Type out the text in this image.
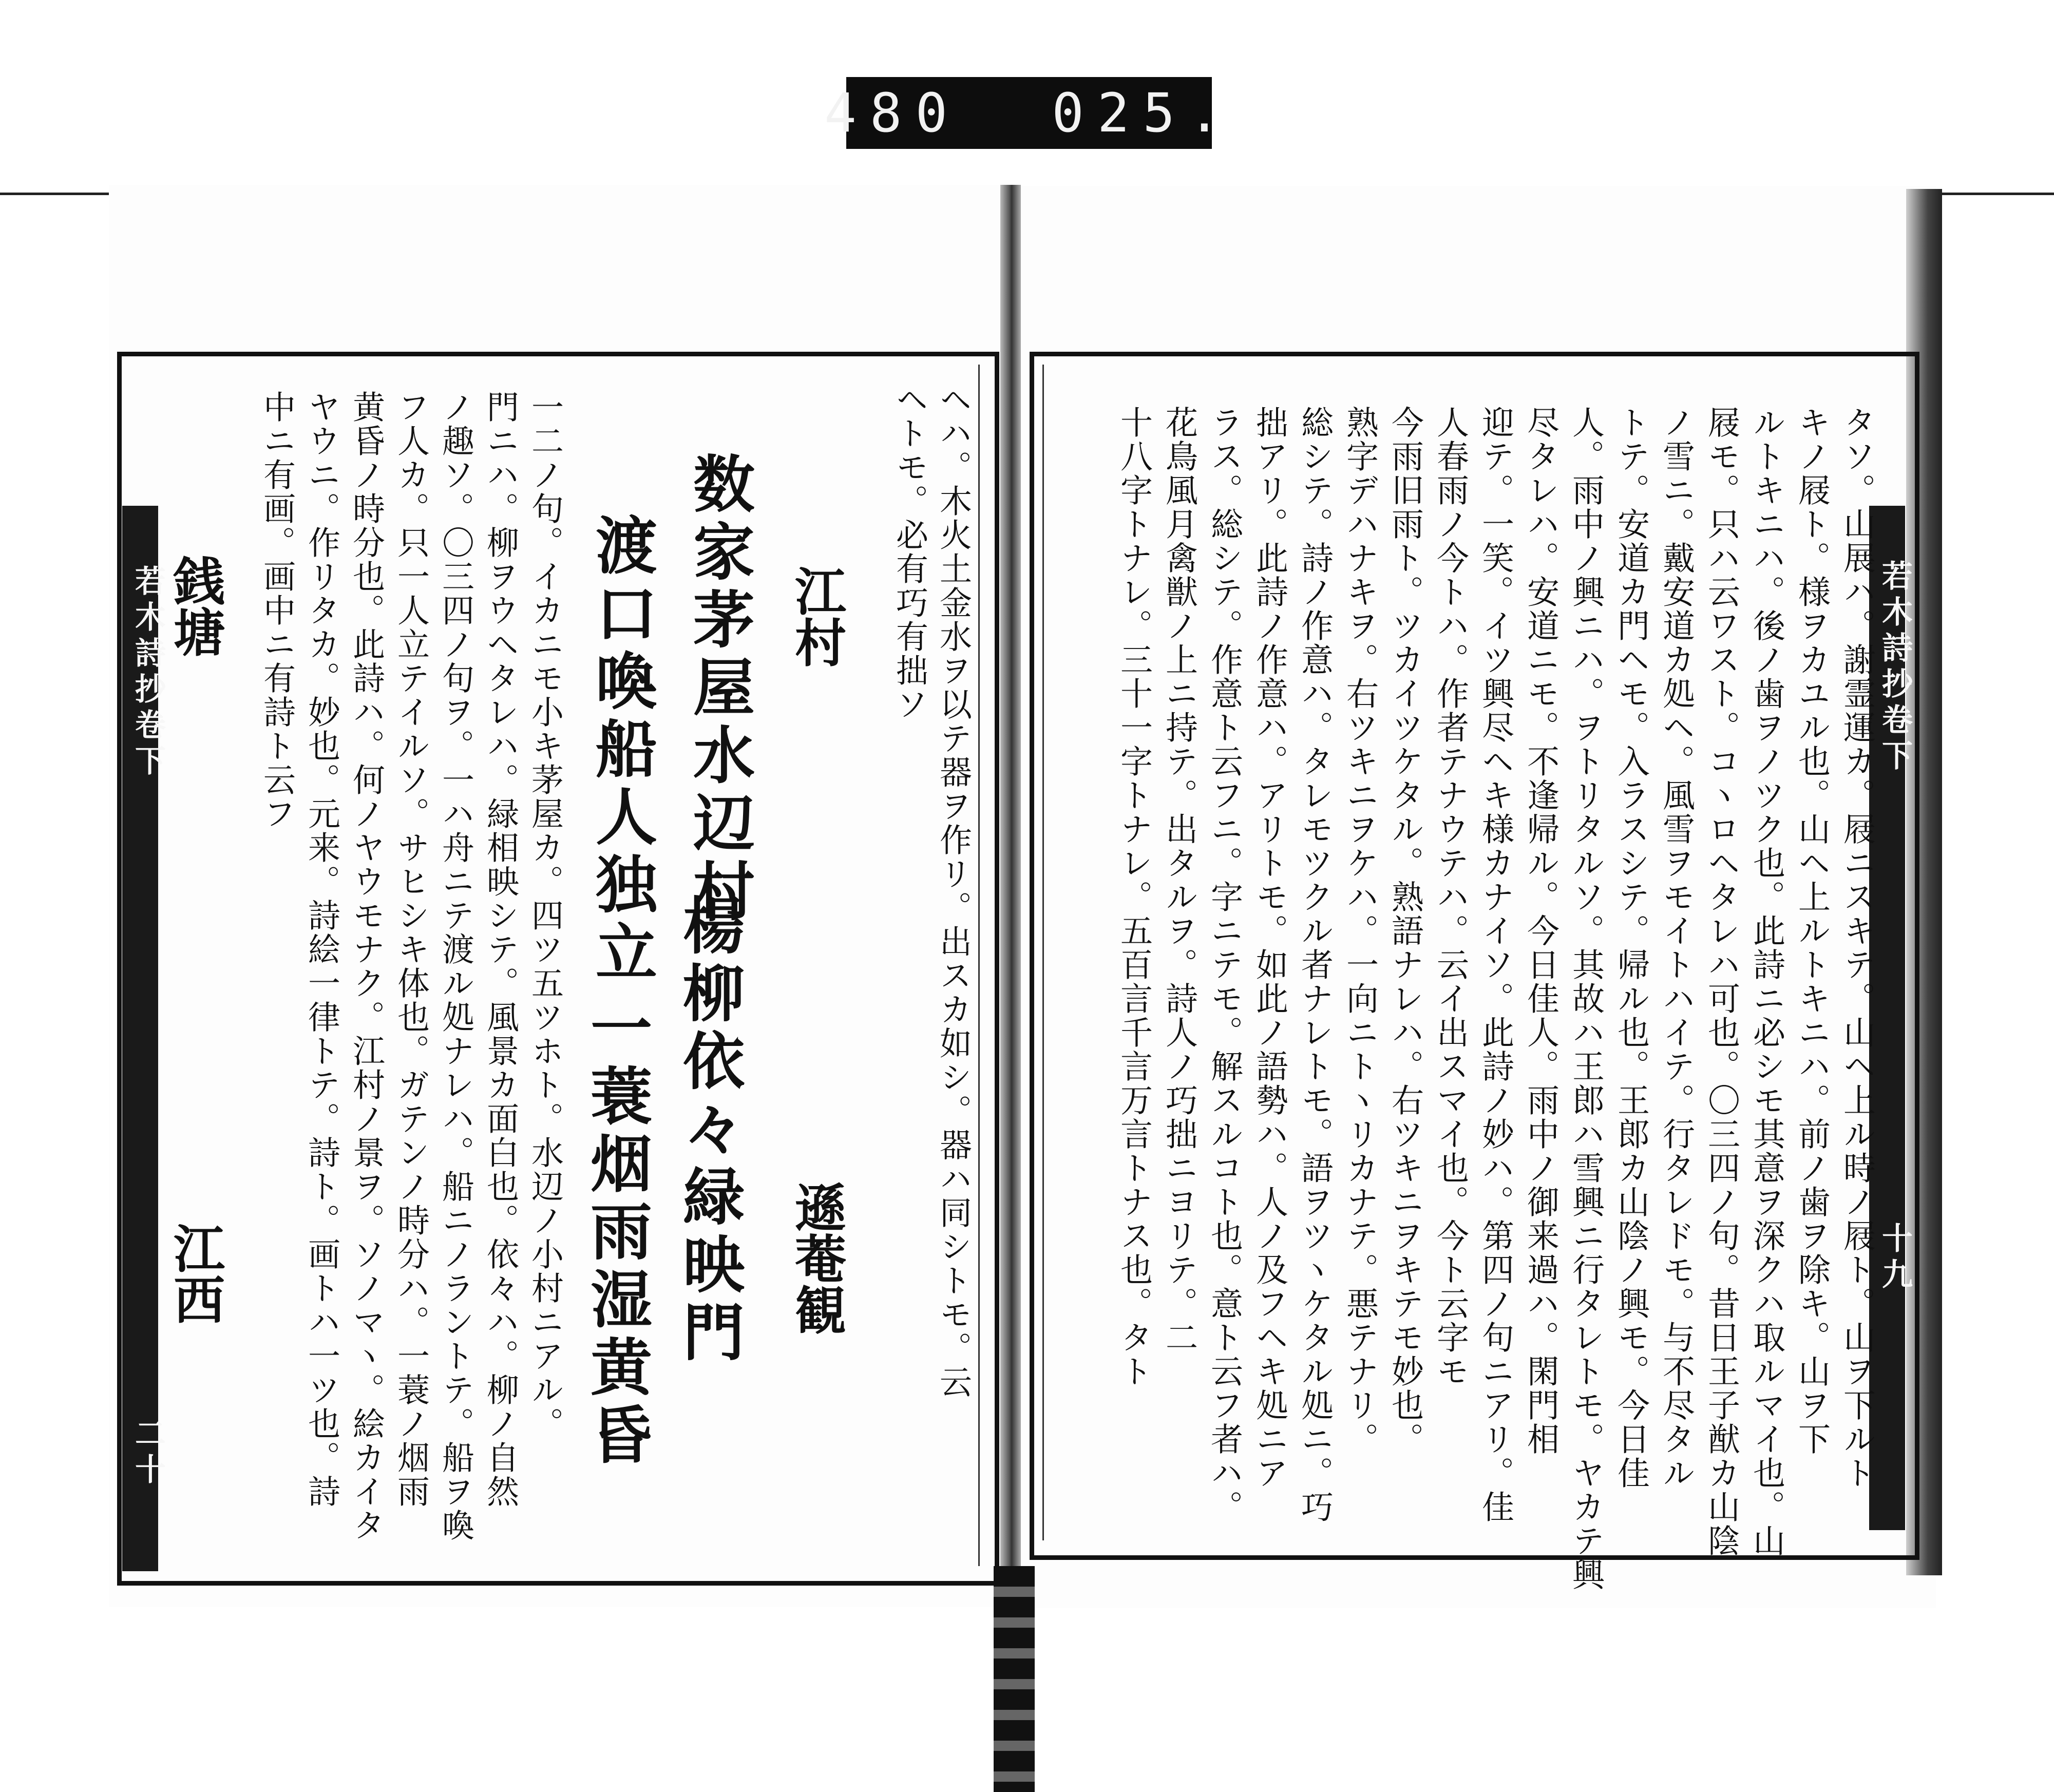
480  025.
若木詩抄卷下
二十
若木詩抄卷下
十九
タソ。山展ハ。謝霊運カ。屐ニスキテ。山ヘ上ル時ノ屐ト。山ヲ下ルト
キノ屐ト。様ヲカユル也。山ヘ上ルトキニハ。前ノ歯ヲ除キ。山ヲ下
ルトキニハ。後ノ歯ヲノツク也。此詩ニ必シモ其意ヲ深クハ取ルマイ也。山
屐モ。只ハ云ワスト。コヽロヘタレハ可也。〇三四ノ句。昔日王子猷カ山陰
ノ雪ニ。戴安道カ処ヘ。風雪ヲモイトハイテ。行タレドモ。与不尽タル
トテ。安道カ門ヘモ。入ラスシテ。帰ル也。王郎カ山陰ノ興モ。今日佳
人。雨中ノ興ニハ。ヲトリタルソ。其故ハ王郎ハ雪興ニ行タレトモ。ヤカテ興
尽タレハ。安道ニモ。不逢帰ル。今日佳人。雨中ノ御来過ハ。閑門相
迎テ。一笑。イツ興尽ヘキ様カナイソ。此詩ノ妙ハ。第四ノ句ニアリ。佳
人春雨ノ今トハ。作者テナウテハ。云イ出スマイ也。今ト云字モ
今雨旧雨ト。ツカイツケタル。熟語ナレハ。右ツキニヲキテモ妙也。
熟字デハナキヲ。右ツキニヲケハ。一向ニトヽリカナテ。悪テナリ。
総シテ。詩ノ作意ハ。タレモツクル者ナレトモ。語ヲツヽケタル処ニ。巧
拙アリ。此詩ノ作意ハ。アリトモ。如此ノ語勢ハ。人ノ及フヘキ処ニア
ラス。総シテ。作意ト云フニ。字ニテモ。解スルコト也。意ト云フ者ハ。
花鳥風月禽獣ノ上ニ持テ。出タルヲ。詩人ノ巧拙ニヨリテ。二
十八字トナレ。三十一字トナレ。五百言千言万言トナス也。タト
ヘハ。木火土金水ヲ以テ器ヲ作リ。出スカ如シ。器ハ同シトモ。云
ヘトモ。必有巧有拙ソ
江村
遜菴観
楊柳依々緑映門
数家茅屋水辺村
一蓑烟雨湿黄昏
渡口喚船人独立
一二ノ句。イカニモ小キ茅屋カ。四ツ五ツホト。水辺ノ小村ニアル。
門ニハ。柳ヲウヘタレハ。緑相映シテ。風景カ面白也。依々ハ。柳ノ自然
ノ趣ソ。〇三四ノ句ヲ。一ハ舟ニテ渡ル処ナレハ。船ニノラントテ。船ヲ喚
フ人カ。只一人立テイルソ。サヒシキ体也。ガテンノ時分ハ。一蓑ノ烟雨
黄昏ノ時分也。此詩ハ。何ノヤウモナク。江村ノ景ヲ。ソノマヽ。絵カイタ
ヤウニ。作リタカ。妙也。元来。詩絵一律トテ。詩ト。画トハ一ツ也。詩
中ニ有画。画中ニ有詩ト云フ
銭塘
江西
